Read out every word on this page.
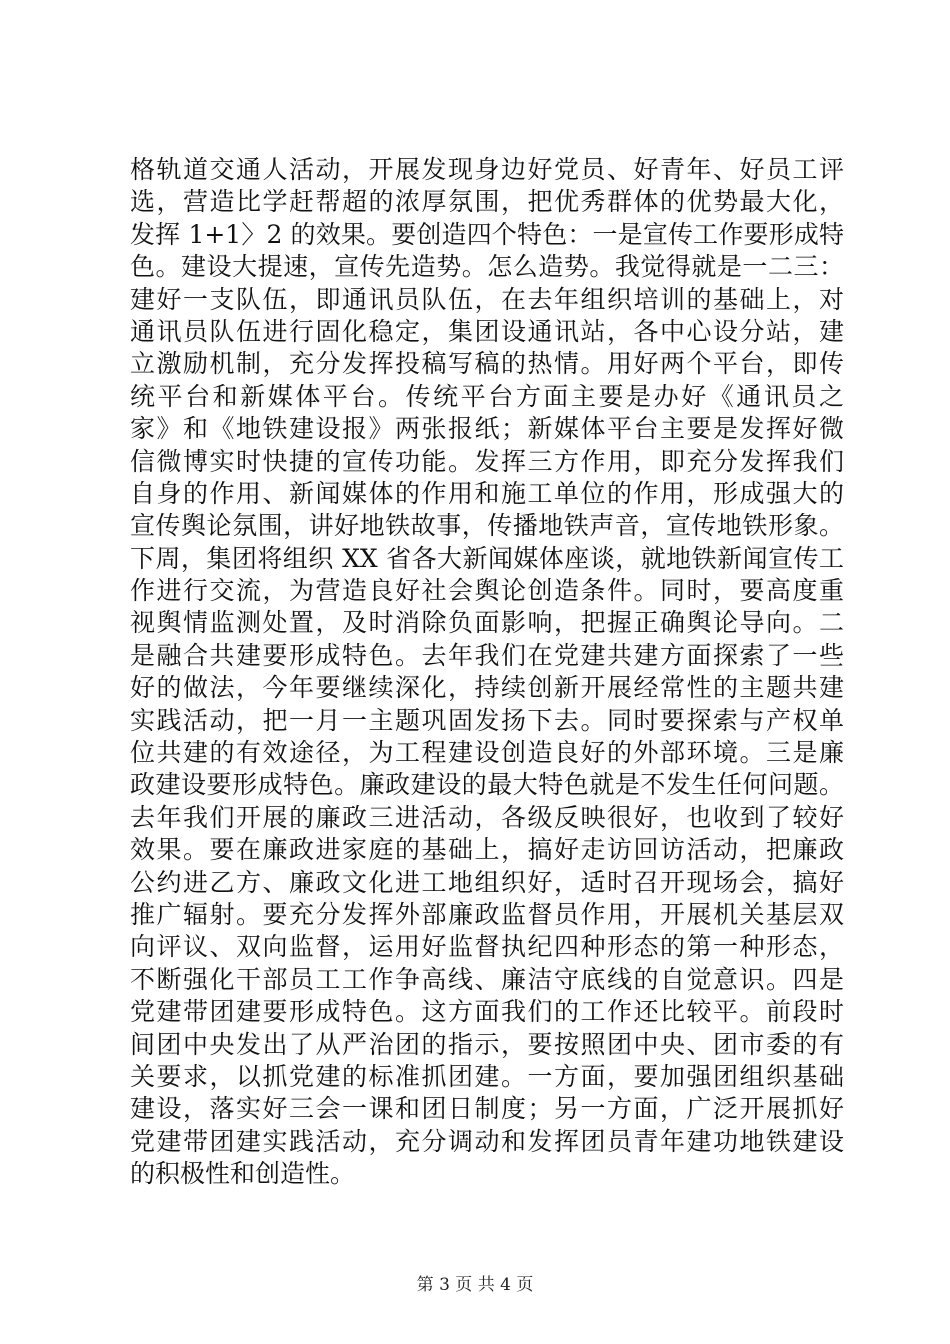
格轨道交通人活动，开展发现身边好党员、好青年、好员工评
选，营造比学赶帮超的浓厚氛围，把优秀群体的优势最大化，
发挥 1+1〉2 的效果。要创造四个特色：一是宣传工作要形成特
色。建设大提速，宣传先造势。怎么造势。我觉得就是一二三：
建好一支队伍，即通讯员队伍，在去年组织培训的基础上，对
通讯员队伍进行固化稳定，集团设通讯站，各中心设分站，建
立激励机制，充分发挥投稿写稿的热情。用好两个平台，即传
统平台和新媒体平台。传统平台方面主要是办好《通讯员之
家》和《地铁建设报》两张报纸；新媒体平台主要是发挥好微
信微博实时快捷的宣传功能。发挥三方作用，即充分发挥我们
自身的作用、新闻媒体的作用和施工单位的作用，形成强大的
宣传舆论氛围，讲好地铁故事，传播地铁声音，宣传地铁形象。
下周，集团将组织 XX 省各大新闻媒体座谈，就地铁新闻宣传工
作进行交流，为营造良好社会舆论创造条件。同时，要高度重
视舆情监测处置，及时消除负面影响，把握正确舆论导向。二
是融合共建要形成特色。去年我们在党建共建方面探索了一些
好的做法，今年要继续深化，持续创新开展经常性的主题共建
实践活动，把一月一主题巩固发扬下去。同时要探索与产权单
位共建的有效途径，为工程建设创造良好的外部环境。三是廉
政建设要形成特色。廉政建设的最大特色就是不发生任何问题。
去年我们开展的廉政三进活动，各级反映很好，也收到了较好
效果。要在廉政进家庭的基础上，搞好走访回访活动，把廉政
公约进乙方、廉政文化进工地组织好，适时召开现场会，搞好
推广辐射。要充分发挥外部廉政监督员作用，开展机关基层双
向评议、双向监督，运用好监督执纪四种形态的第一种形态，
不断强化干部员工工作争高线、廉洁守底线的自觉意识。四是
党建带团建要形成特色。这方面我们的工作还比较平。前段时
间团中央发出了从严治团的指示，要按照团中央、团市委的有
关要求，以抓党建的标准抓团建。一方面，要加强团组织基础
建设，落实好三会一课和团日制度；另一方面，广泛开展抓好
党建带团建实践活动，充分调动和发挥团员青年建功地铁建设
的积极性和创造性。
第 3 页 共 4 页
